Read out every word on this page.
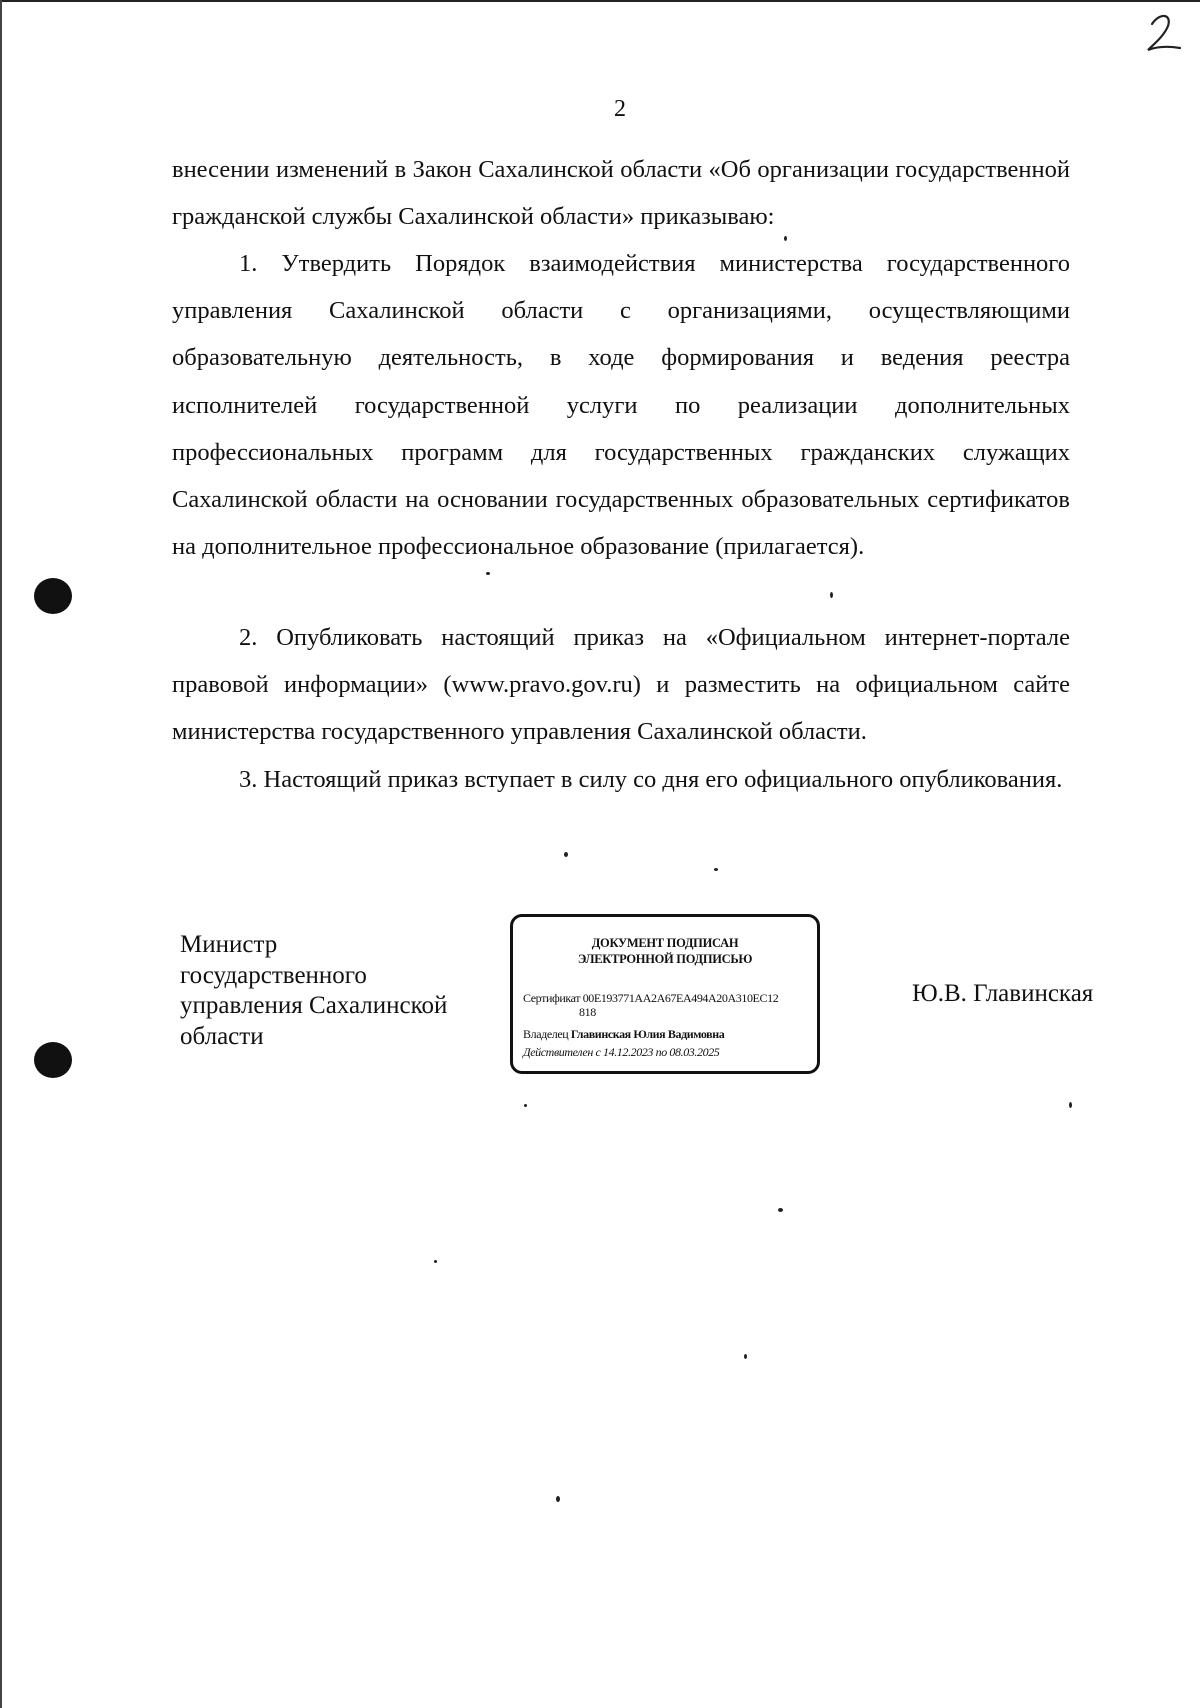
2

внесении изменений в Закон Сахалинской области «Об организации государственной гражданской службы Сахалинской области» приказываю:

1. Утвердить Порядок взаимодействия министерства государственного управления Сахалинской области с организациями, осуществляющими образовательную деятельность, в ходе формирования и ведения реестра исполнителей государственной услуги по реализации дополнительных профессиональных программ для государственных гражданских служащих Сахалинской области на основании государственных образовательных сертификатов на дополнительное профессиональное образование (прилагается).

2. Опубликовать настоящий приказ на «Официальном интернет-портале правовой информации» (www.pravo.gov.ru) и разместить на официальном сайте министерства государственного управления Сахалинской области.

3. Настоящий приказ вступает в силу со дня его официального опубликования.

Министр
государственного
управления Сахалинской
области
ДОКУМЕНТ ПОДПИСАН
ЭЛЕКТРОННОЙ ПОДПИСЬЮ
Сертификат 00E193771AA2A67EA494A20A310EC12
818
Владелец Главинская Юлия Вадимовна
Действителен с 14.12.2023 по 08.03.2025
Ю.В. Главинская
